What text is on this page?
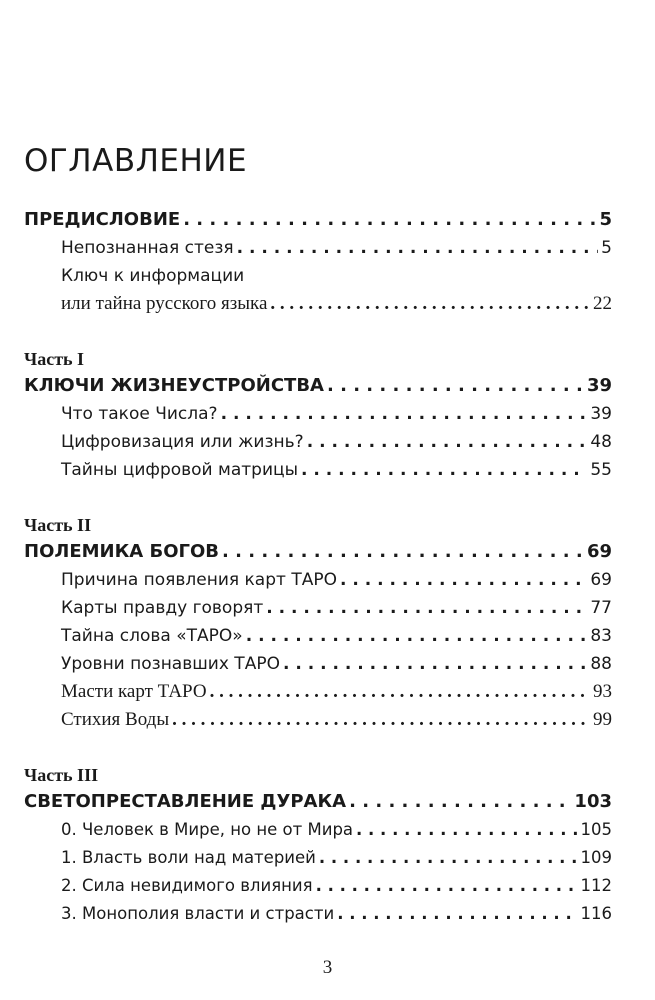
ОГЛАВЛЕНИЕ
ПРЕДИСЛОВИЕ . . .	5
Непознанная стезя . . .	5
Ключ к информации
или тайна русского языка . . .	22
Часть I
КЛЮЧИ ЖИЗНЕУСТРОЙСТВА . . .	39
Что такое Числа? . . .	39
Цифровизация или жизнь? . . .	48
Тайны цифровой матрицы . . .	55
Часть II
ПОЛЕМИКА БОГОВ . . .	69
Причина появления карт ТАРО . . .	69
Карты правду говорят . . .	77
Тайна слова «ТАРО» . . .	83
Уровни познавших ТАРО . . .	88
Масти карт ТАРО . . .	93
Стихия Воды . . .	99
Часть III
СВЕТОПРЕСТАВЛЕНИЕ ДУРАКА . . .	103
0. Человек в Мире, но не от Мира . . .	105
1. Власть воли над материей . . .	109
2. Сила невидимого влияния . . .	112
3. Монополия власти и страсти . . .	116
3
